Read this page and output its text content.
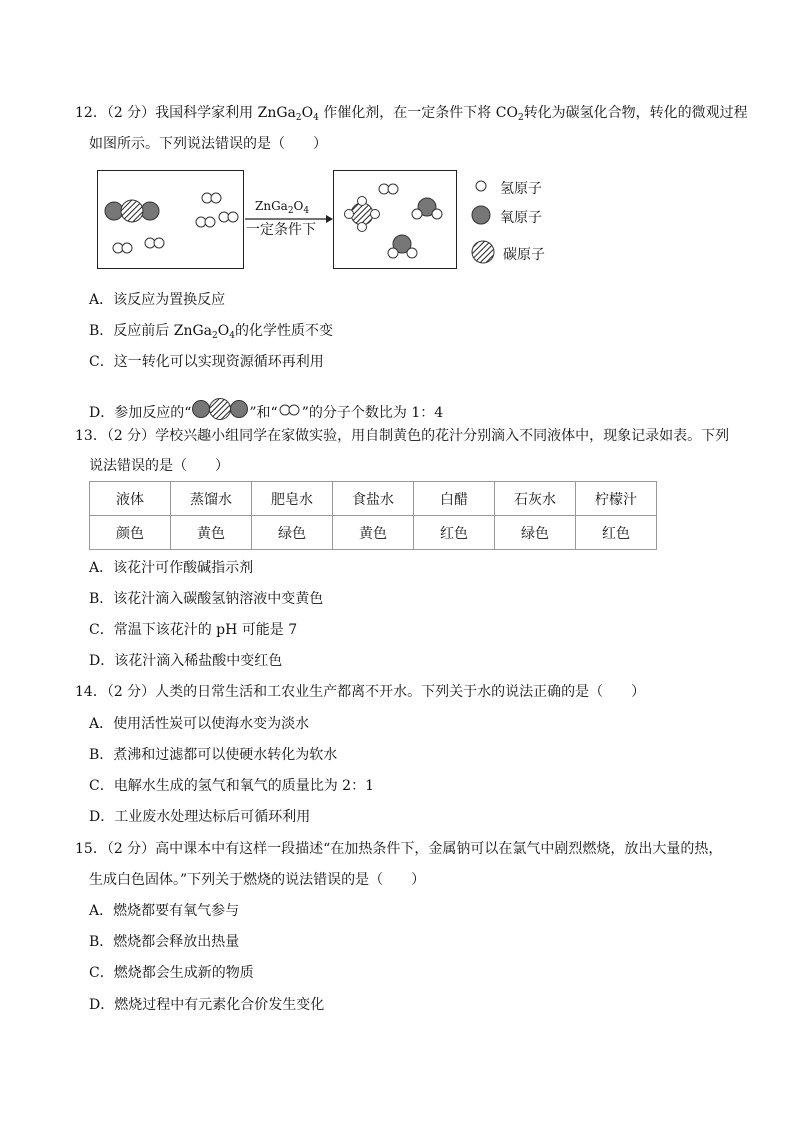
12．（2 分）我国科学家利用 $ZnGa_2O_4$ 作催化剂，在一定条件下将 $CO_2$转化为碳氢化合物，转化的微观过程
如图所示。下列说法错误的是（　　）
$ZnGa_2O_4$
一定条件下
氢原子
氧原子
碳原子
A．该反应为置换反应
B．反应前后 $ZnGa_2O_4$的化学性质不变
C．这一转化可以实现资源循环再利用
D．参加反应的“	”和“ ”的分子个数比为 1：4
13．（2 分）学校兴趣小组同学在家做实验，用自制黄色的花汁分别滴入不同液体中，现象记录如表。下列
说法错误的是（　　）
液体	蒸馏水	肥皂水	食盐水	白醋	石灰水	柠檬汁
颜色	黄色	绿色	黄色	红色	绿色	红色
A．该花汁可作酸碱指示剂
B．该花汁滴入碳酸氢钠溶液中变黄色
C．常温下该花汁的 pH 可能是 7
D．该花汁滴入稀盐酸中变红色
14．（2 分）人类的日常生活和工农业生产都离不开水。下列关于水的说法正确的是（　　）
A．使用活性炭可以使海水变为淡水
B．煮沸和过滤都可以使硬水转化为软水
C．电解水生成的氢气和氧气的质量比为 2：1
D．工业废水处理达标后可循环利用
15．（2 分）高中课本中有这样一段描述“在加热条件下，金属钠可以在氯气中剧烈燃烧，放出大量的热，
生成白色固体。”下列关于燃烧的说法错误的是（　　）
A．燃烧都要有氧气参与
B．燃烧都会释放出热量
C．燃烧都会生成新的物质
D．燃烧过程中有元素化合价发生变化
